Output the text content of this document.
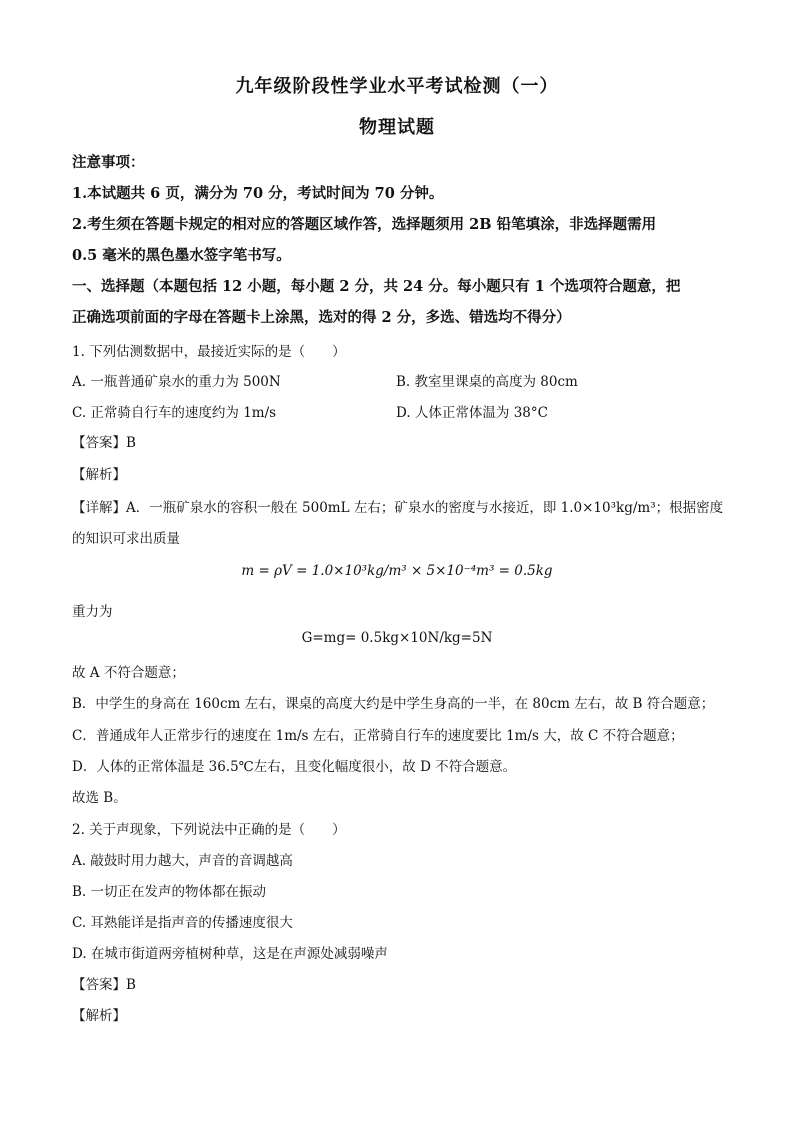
九年级阶段性学业水平考试检测（一）
物理试题
注意事项：
1.本试题共 6 页，满分为 70 分，考试时间为 70 分钟。
2.考生须在答题卡规定的相对应的答题区域作答，选择题须用 2B 铅笔填涂，非选择题需用
0.5 毫米的黑色墨水签字笔书写。
一、选择题（本题包括 12 小题，每小题 2 分，共 24 分。每小题只有 1 个选项符合题意，把
正确选项前面的字母在答题卡上涂黑，选对的得 2 分，多选、错选均不得分）
1. 下列估测数据中，最接近实际的是（　　）
A. 一瓶普通矿泉水的重力为 500N	B. 教室里课桌的高度为 80cm
C. 正常骑自行车的速度约为 1m/s	D. 人体正常体温为 38°C
【答案】B
【解析】
【详解】A．一瓶矿泉水的容积一般在 500mL 左右；矿泉水的密度与水接近，即 1.0×10³kg/m³；根据密度
的知识可求出质量
m = ρV = 1.0×10³kg/m³ × 5×10⁻⁴m³ = 0.5kg
重力为
G=mg= 0.5kg×10N/kg=5N
故 A 不符合题意；
B．中学生的身高在 160cm 左右，课桌的高度大约是中学生身高的一半，在 80cm 左右，故 B 符合题意；
C．普通成年人正常步行的速度在 1m/s 左右，正常骑自行车的速度要比 1m/s 大，故 C 不符合题意；
D．人体的正常体温是 36.5℃左右，且变化幅度很小，故 D 不符合题意。
故选 B。
2. 关于声现象，下列说法中正确的是（　　）
A. 敲鼓时用力越大，声音的音调越高
B. 一切正在发声的物体都在振动
C. 耳熟能详是指声音的传播速度很大
D. 在城市街道两旁植树种草，这是在声源处减弱噪声
【答案】B
【解析】
